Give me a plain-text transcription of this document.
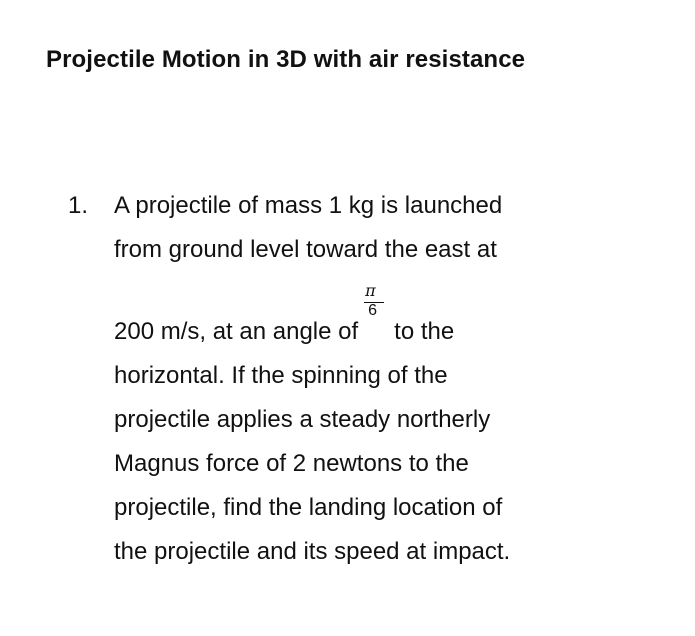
Projectile Motion in 3D with air resistance
1. A projectile of mass 1 kg is launched
from ground level toward the east at
200 m/s, at an angle of $\frac{\pi}{6}$ to the
horizontal. If the spinning of the
projectile applies a steady northerly
Magnus force of 2 newtons to the
projectile, find the landing location of
the projectile and its speed at impact.
